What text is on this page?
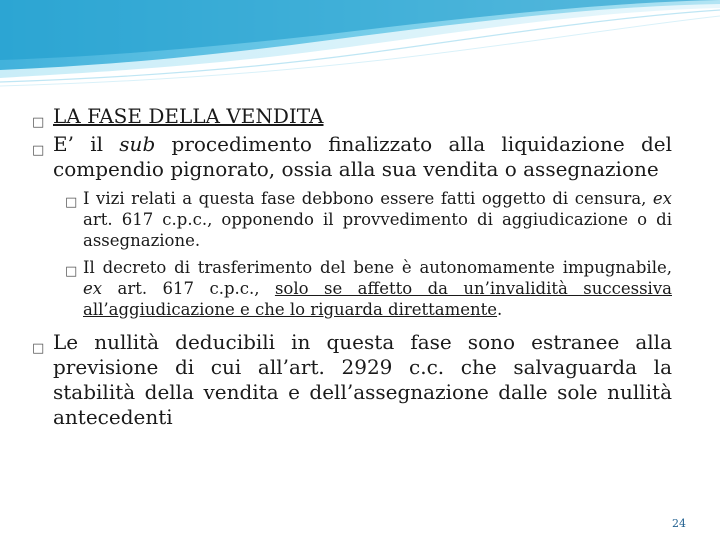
□ LA FASE DELLA VENDITA
□ E’ il sub procedimento finalizzato alla liquidazione del compendio pignorato, ossia alla sua vendita o assegnazione
□ I vizi relati a questa fase debbono essere fatti oggetto di censura, ex art. 617 c.p.c., opponendo il provvedimento di aggiudicazione o di assegnazione.
□ Il decreto di trasferimento del bene è autonomamente impugnabile, ex art. 617 c.p.c., solo se affetto da un’invalidità successiva all’aggiudicazione e che lo riguarda direttamente.
□ Le nullità deducibili in questa fase sono estranee alla previsione di cui all’art. 2929 c.c. che salvaguarda la stabilità della vendita e dell’assegnazione dalle sole nullità antecedenti
24
